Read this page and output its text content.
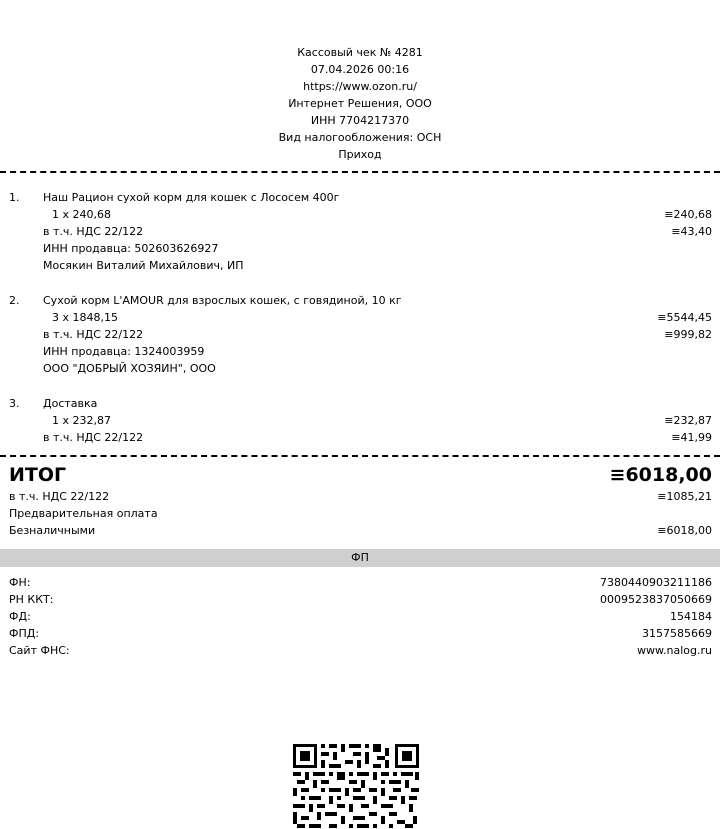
Кассовый чек № 4281
07.04.2026 00:16
https://www.ozon.ru/
Интернет Решения, ООО
ИНН 7704217370
Вид налогообложения: ОСН
Приход
1. Наш Рацион сухой корм для кошек с Лососем 400г
1 x 240,68	≡240,68
в т.ч. НДС 22/122	≡43,40
ИНН продавца: 502603626927
Мосякин Виталий Михайлович, ИП
2. Сухой корм L'AMOUR для взрослых кошек, с говядиной, 10 кг
3 x 1848,15	≡5544,45
в т.ч. НДС 22/122	≡999,82
ИНН продавца: 1324003959
ООО "ДОБРЫЙ ХОЗЯИН", ООО
3. Доставка
1 x 232,87	≡232,87
в т.ч. НДС 22/122	≡41,99
ИТОГ	≡6018,00
в т.ч. НДС 22/122	≡1085,21
Предварительная оплата
Безналичными	≡6018,00
ФП
ФН:	7380440903211186
РН ККТ:	0009523837050669
ФД:	154184
ФПД:	3157585669
Сайт ФНС:	www.nalog.ru
